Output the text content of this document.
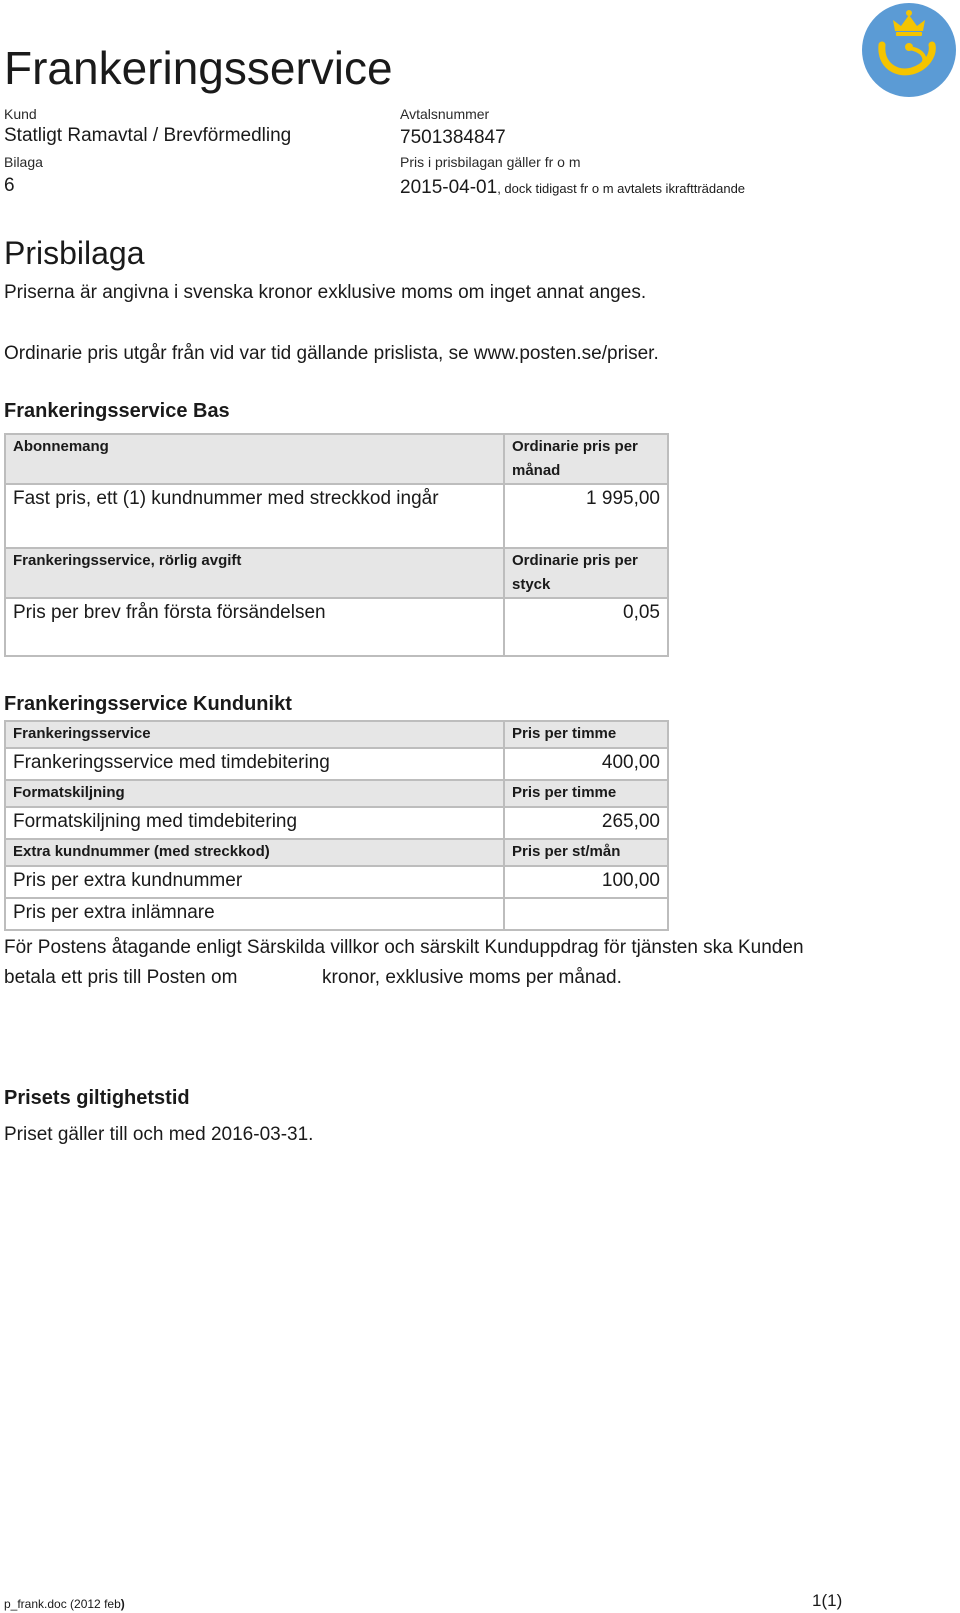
Frankeringsservice
Kund
Statligt Ramavtal / Brevförmedling
Bilaga
6
Avtalsnummer
7501384847
Pris i prisbilagan gäller fr o m
2015-04-01, dock tidigast fr o m avtalets ikraftträdande
Prisbilaga
Priserna är angivna i svenska kronor exklusive moms om inget annat anges.
Ordinarie pris utgår från vid var tid gällande prislista, se www.posten.se/priser.
Frankeringsservice Bas
Abonnemang	Ordinarie pris per
månad
Fast pris, ett (1) kundnummer med streckkod ingår	1 995,00
Frankeringsservice, rörlig avgift	Ordinarie pris per
styck
Pris per brev från första försändelsen	0,05
Frankeringsservice Kundunikt
Frankeringsservice	Pris per timme
Frankeringsservice med timdebitering	400,00
Formatskiljning	Pris per timme
Formatskiljning med timdebitering	265,00
Extra kundnummer (med streckkod)	Pris per st/mån
Pris per extra kundnummer	100,00
Pris per extra inlämnare	
För Postens åtagande enligt Särskilda villkor och särskilt Kunduppdrag för tjänsten ska Kunden
betala ett pris till Posten om	kronor, exklusive moms per månad.
Prisets giltighetstid
Priset gäller till och med 2016-03-31.
p_frank.doc (2012 feb)	1(1)
